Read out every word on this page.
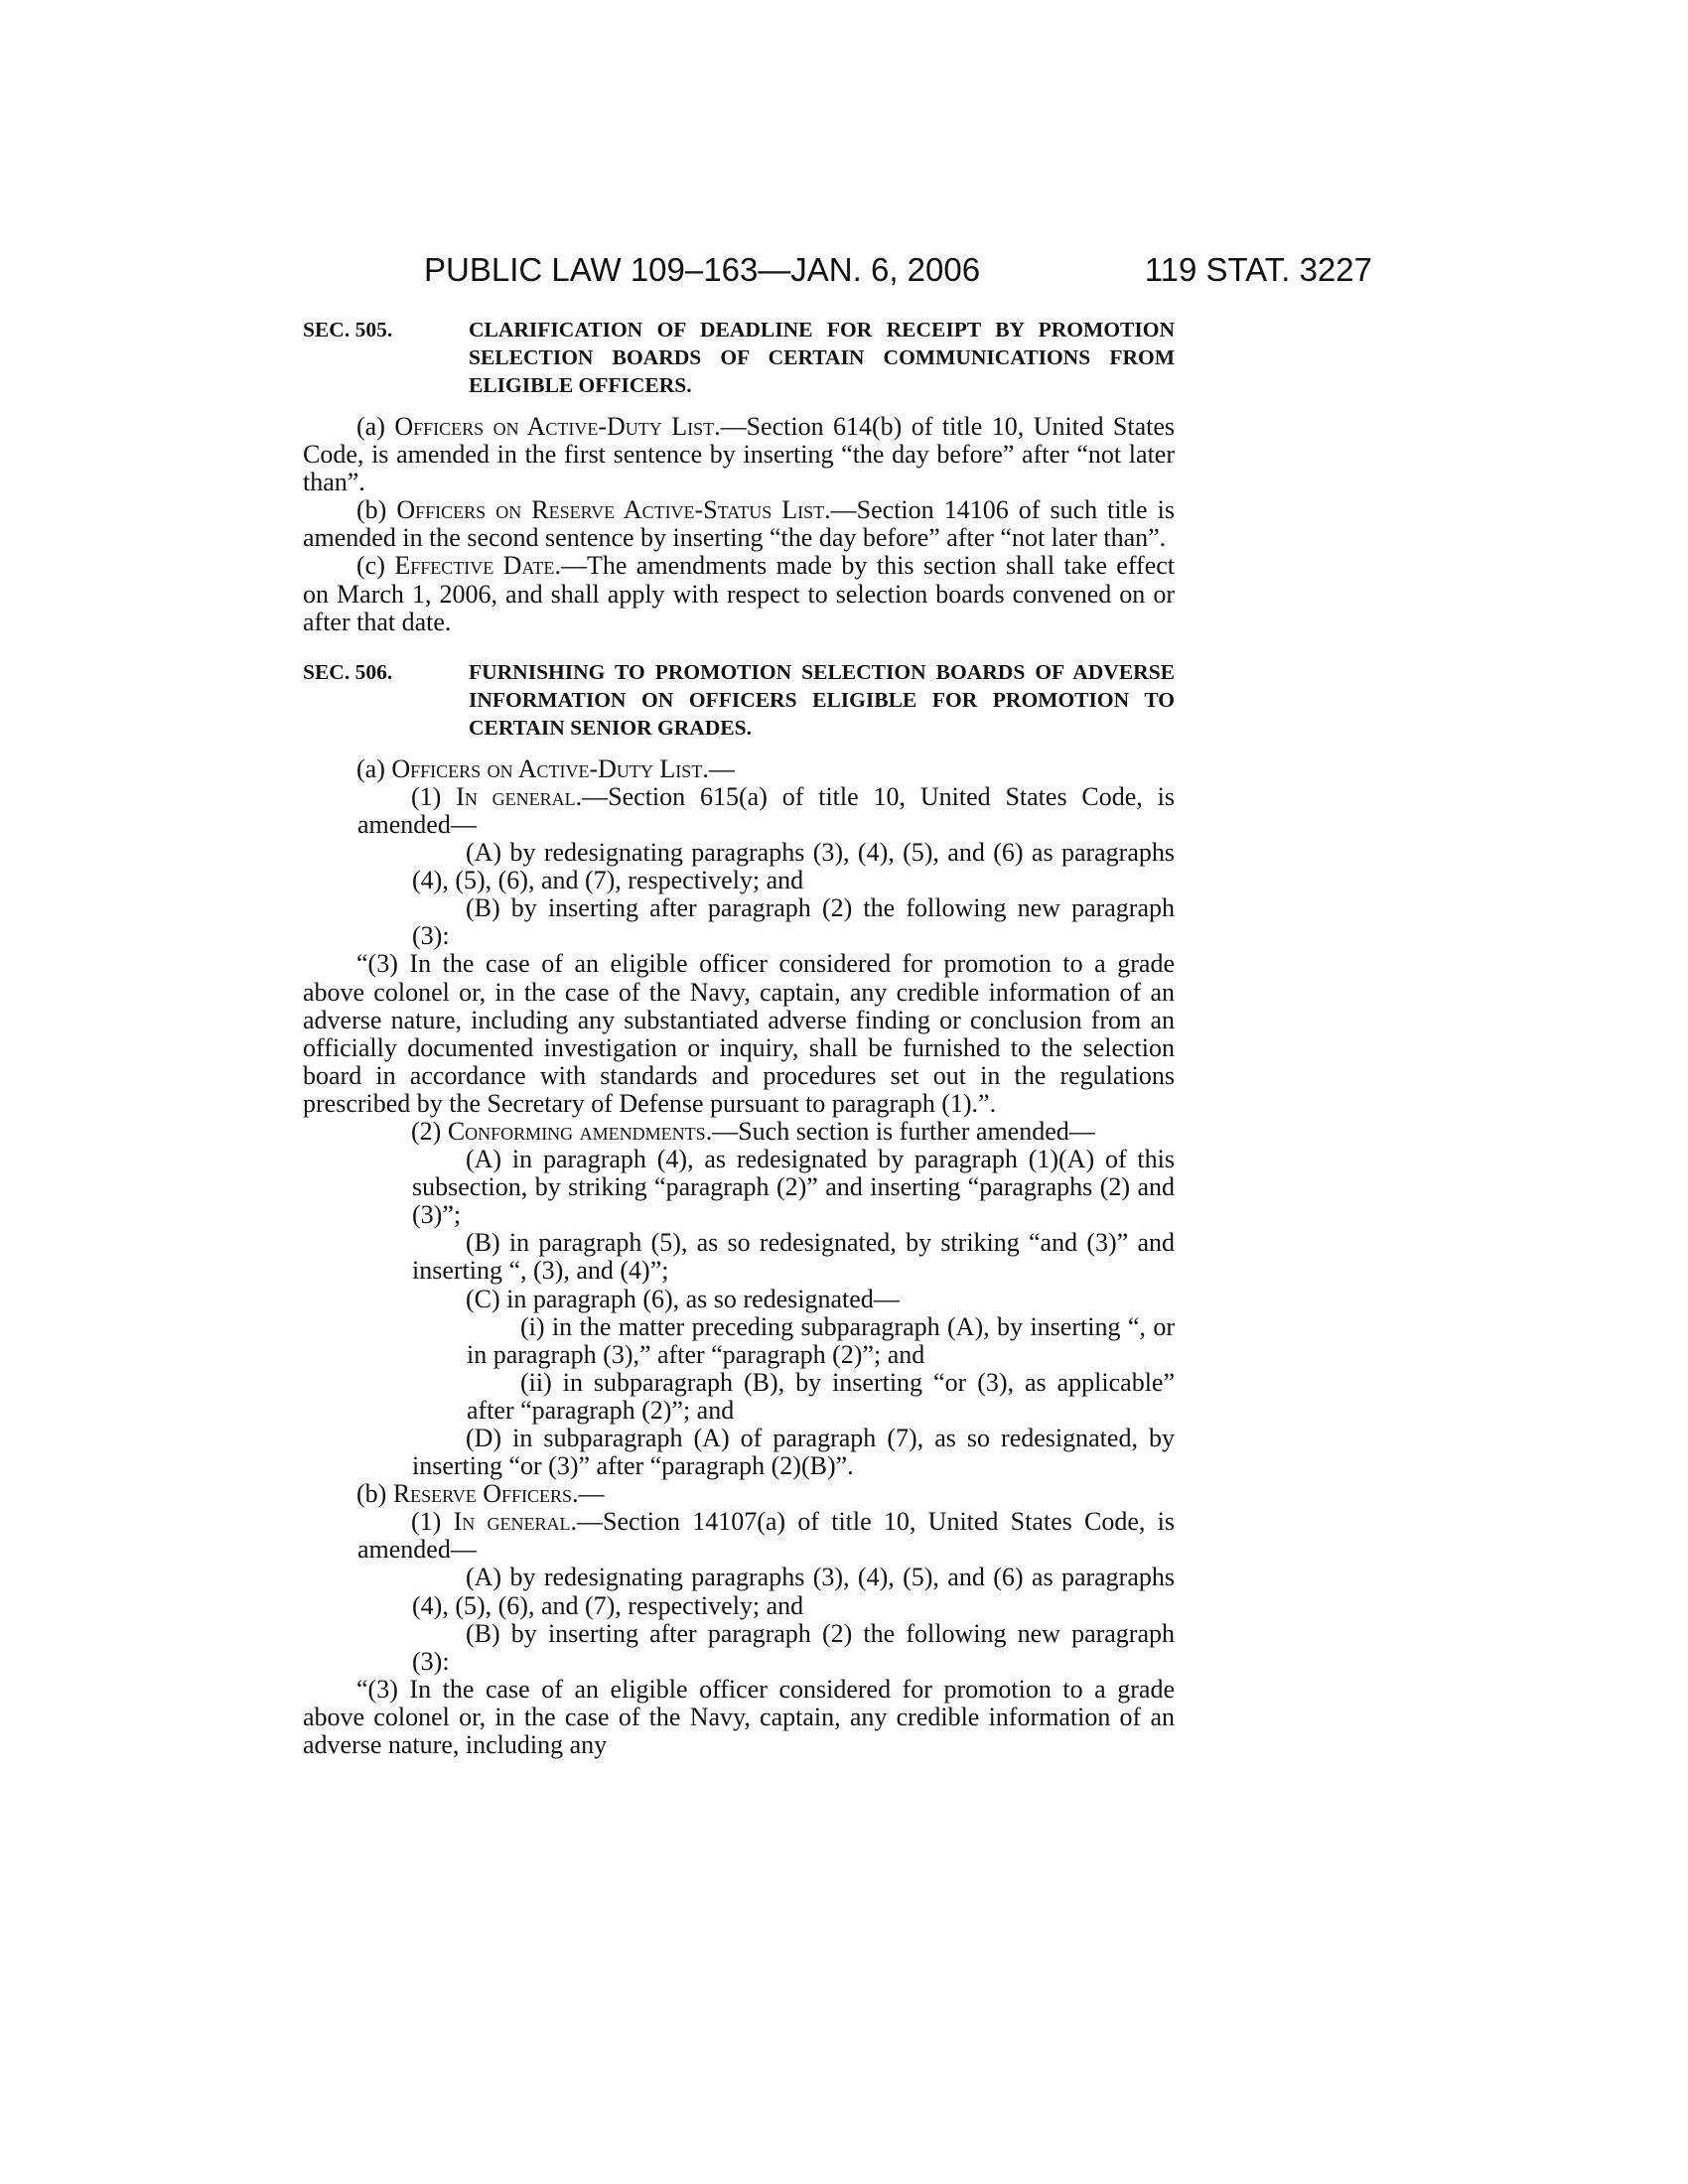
PUBLIC LAW 109–163—JAN. 6, 2006	119 STAT. 3227
SEC. 505.	CLARIFICATION OF DEADLINE FOR RECEIPT BY PROMOTION SELECTION BOARDS OF CERTAIN COMMUNICATIONS FROM ELIGIBLE OFFICERS.

(a) Officers on Active-Duty List.—Section 614(b) of title 10, United States Code, is amended in the first sentence by inserting “the day before” after “not later than”.

(b) Officers on Reserve Active-Status List.—Section 14106 of such title is amended in the second sentence by inserting “the day before” after “not later than”.

(c) Effective Date.—The amendments made by this section shall take effect on March 1, 2006, and shall apply with respect to selection boards convened on or after that date.

SEC. 506.	FURNISHING TO PROMOTION SELECTION BOARDS OF ADVERSE INFORMATION ON OFFICERS ELIGIBLE FOR PROMOTION TO CERTAIN SENIOR GRADES.

(a) Officers on Active-Duty List.—

(1) In general.—Section 615(a) of title 10, United States Code, is amended—

(A) by redesignating paragraphs (3), (4), (5), and (6) as paragraphs (4), (5), (6), and (7), respectively; and

(B) by inserting after paragraph (2) the following new paragraph (3):

“(3) In the case of an eligible officer considered for promotion to a grade above colonel or, in the case of the Navy, captain, any credible information of an adverse nature, including any substantiated adverse finding or conclusion from an officially documented investigation or inquiry, shall be furnished to the selection board in accordance with standards and procedures set out in the regulations prescribed by the Secretary of Defense pursuant to paragraph (1).”.

(2) Conforming amendments.—Such section is further amended—

(A) in paragraph (4), as redesignated by paragraph (1)(A) of this subsection, by striking “paragraph (2)” and inserting “paragraphs (2) and (3)”;

(B) in paragraph (5), as so redesignated, by striking “and (3)” and inserting “, (3), and (4)”;

(C) in paragraph (6), as so redesignated—

(i) in the matter preceding subparagraph (A), by inserting “, or in paragraph (3),” after “paragraph (2)”; and

(ii) in subparagraph (B), by inserting “or (3), as applicable” after “paragraph (2)”; and

(D) in subparagraph (A) of paragraph (7), as so redesignated, by inserting “or (3)” after “paragraph (2)(B)”.

(b) Reserve Officers.—

(1) In general.—Section 14107(a) of title 10, United States Code, is amended—

(A) by redesignating paragraphs (3), (4), (5), and (6) as paragraphs (4), (5), (6), and (7), respectively; and

(B) by inserting after paragraph (2) the following new paragraph (3):

“(3) In the case of an eligible officer considered for promotion to a grade above colonel or, in the case of the Navy, captain, any credible information of an adverse nature, including any
